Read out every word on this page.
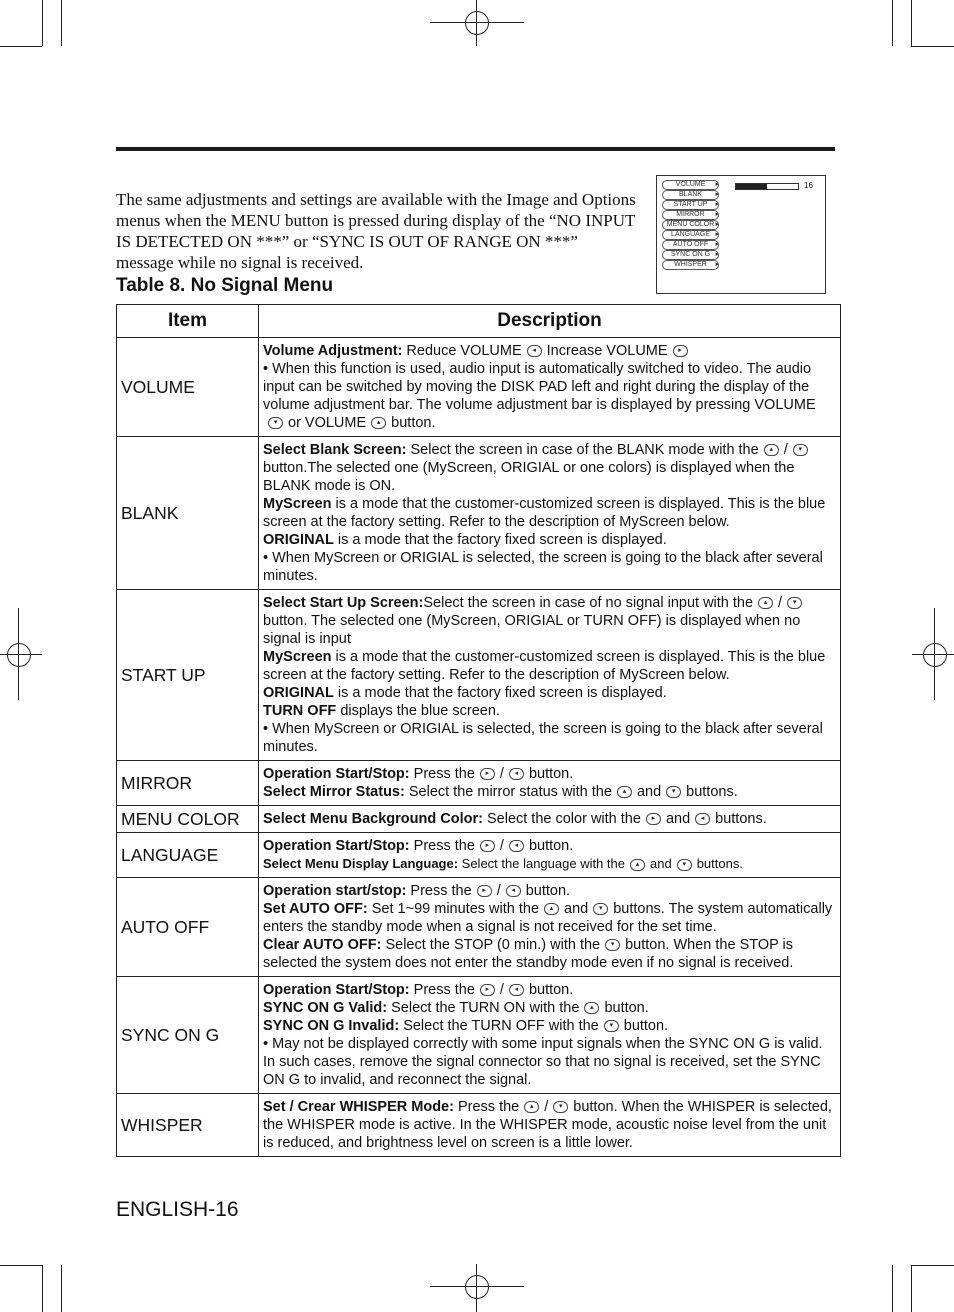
The same adjustments and settings are available with the Image and Options menus when the MENU button is pressed during display of the “NO INPUT IS DETECTED ON ***” or “SYNC IS OUT OF RANGE ON ***” message while no signal is received.

Table 8. No Signal Menu

16
VOLUME ▸
BLANK ▸
START UP ▸
MIRROR ▸
MENU COLOR ▸
LANGUAGE ▸
AUTO OFF ▸
SYNC ON G ▸
WHISPER ▸
Item	Description
VOLUME	Volume Adjustment: Reduce VOLUME ◂ Increase VOLUME ▸
• When this function is used, audio input is automatically switched to video. The audio input can be switched by moving the DISK PAD left and right during the display of the volume adjustment bar. The volume adjustment bar is displayed by pressing VOLUME▾ or VOLUME ▴ button.

BLANK	Select Blank Screen: Select the screen in case of the BLANK mode with the ▴ / ▾button.The selected one (MyScreen, ORIGIAL or one colors) is displayed when the BLANK mode is ON.
MyScreen is a mode that the customer-customized screen is displayed. This is the blue screen at the factory setting. Refer to the description of MyScreen below.
ORIGINAL is a mode that the factory fixed screen is displayed.
• When MyScreen or ORIGIAL is selected, the screen is going to the black after several minutes.

START UP	Select Start Up Screen:Select the screen in case of no signal input with the ▴ / ▾button. The selected one (MyScreen, ORIGIAL or TURN OFF) is displayed when no signal is input
MyScreen is a mode that the customer-customized screen is displayed. This is the blue screen at the factory setting. Refer to the description of MyScreen below.
ORIGINAL is a mode that the factory fixed screen is displayed.
TURN OFF displays the blue screen.
• When MyScreen or ORIGIAL is selected, the screen is going to the black after several minutes.

MIRROR	Operation Start/Stop: Press the ▸ / ◂ button.
Select Mirror Status: Select the mirror status with the ▴ and ▾ buttons.

MENU COLOR	Select Menu Background Color: Select the color with the ▸ and ◂ buttons.

LANGUAGE	Operation Start/Stop: Press the ▸ / ◂ button.
Select Menu Display Language: Select the language with the ▴ and ▾ buttons.

AUTO OFF	Operation start/stop: Press the ▸ / ◂ button.
Set AUTO OFF: Set 1~99 minutes with the ▴ and ▾ buttons. The system automatically enters the standby mode when a signal is not received for the set time.
Clear AUTO OFF: Select the STOP (0 min.) with the ▾ button. When the STOP is selected the system does not enter the standby mode even if no signal is received.

SYNC ON G	Operation Start/Stop: Press the ▸ / ◂ button.
SYNC ON G Valid: Select the TURN ON with the ▴ button.
SYNC ON G Invalid: Select the TURN OFF with the ▾ button.
• May not be displayed correctly with some input signals when the SYNC ON G is valid. In such cases, remove the signal connector so that no signal is received, set the SYNC ON G to invalid, and reconnect the signal.

WHISPER	Set / Crear WHISPER Mode: Press the ▴ / ▾ button. When the WHISPER is selected, the WHISPER mode is active. In the WHISPER mode, acoustic noise level from the unit is reduced, and brightness level on screen is a little lower.

ENGLISH-16
